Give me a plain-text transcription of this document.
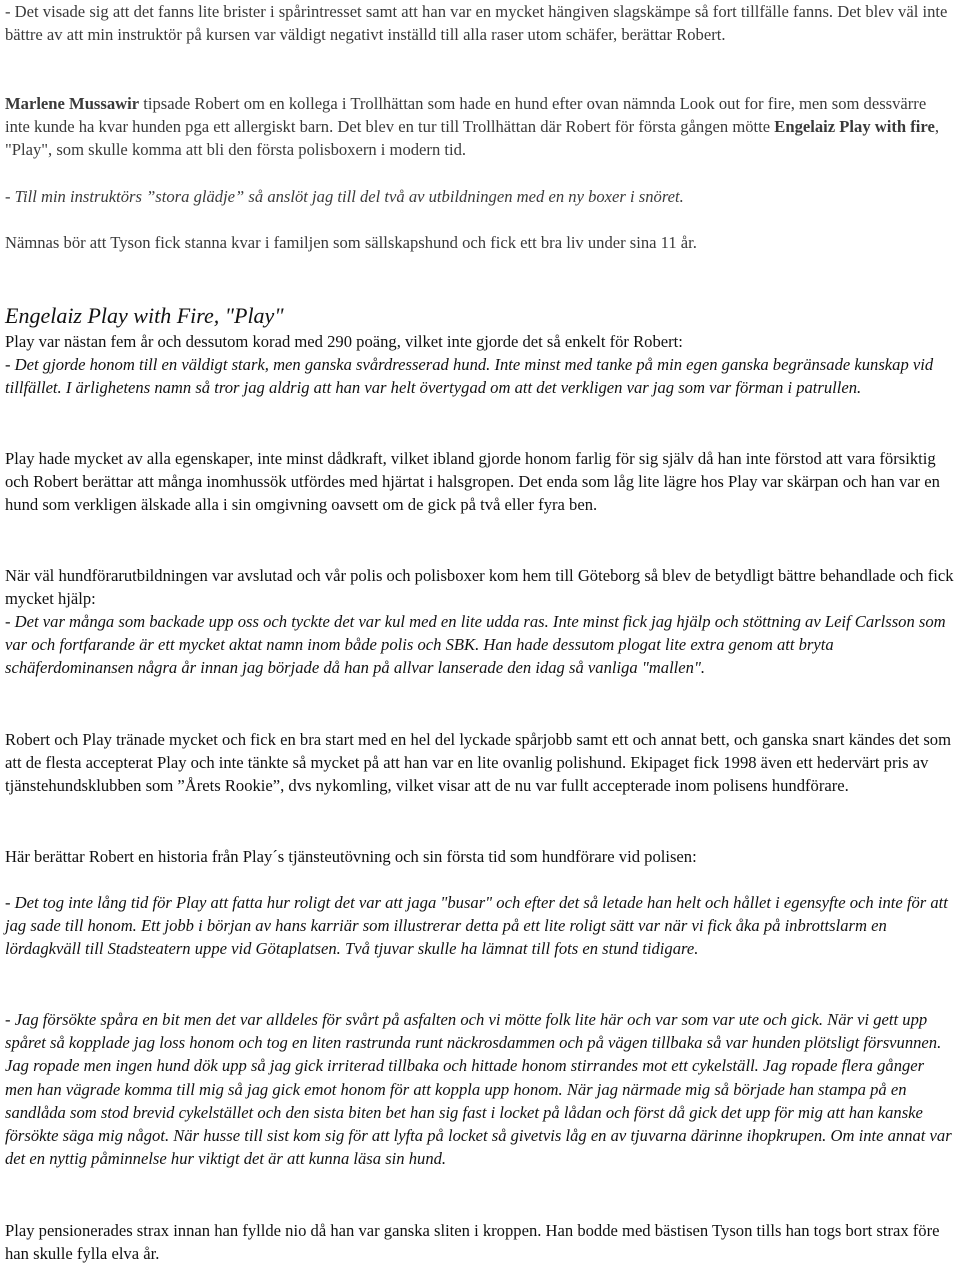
- Det visade sig att det fanns lite brister i spårintresset samt att han var en mycket hängiven slagskämpe så fort tillfälle fanns. Det blev väl inte bättre av att min instruktör på kursen var väldigt negativt inställd till alla raser utom schäfer, berättar Robert.

Marlene Mussawir tipsade Robert om en kollega i Trollhättan som hade en hund efter ovan nämnda Look out for fire, men som dessvärre inte kunde ha kvar hunden pga ett allergiskt barn. Det blev en tur till Trollhättan där Robert för första gången mötte Engelaiz Play with fire, "Play", som skulle komma att bli den första polisboxern i modern tid.

- Till min instruktörs ”stora glädje” så anslöt jag till del två av utbildningen med en ny boxer i snöret.

Nämnas bör att Tyson fick stanna kvar i familjen som sällskapshund och fick ett bra liv under sina 11 år.

Engelaiz Play with Fire, "Play"

Play var nästan fem år och dessutom korad med 290 poäng, vilket inte gjorde det så enkelt för Robert:

- Det gjorde honom till en väldigt stark, men ganska svårdresserad hund. Inte minst med tanke på min egen ganska begränsade kunskap vid tillfället. I ärlighetens namn så tror jag aldrig att han var helt övertygad om att det verkligen var jag som var förman i patrullen.

Play hade mycket av alla egenskaper, inte minst dådkraft, vilket ibland gjorde honom farlig för sig själv då han inte förstod att vara försiktig och Robert berättar att många inomhussök utfördes med hjärtat i halsgropen. Det enda som låg lite lägre hos Play var skärpan och han var en hund som verkligen älskade alla i sin omgivning oavsett om de gick på två eller fyra ben.

När väl hundförarutbildningen var avslutad och vår polis och polisboxer kom hem till Göteborg så blev de betydligt bättre behandlade och fick mycket hjälp:

- Det var många som backade upp oss och tyckte det var kul med en lite udda ras. Inte minst fick jag hjälp och stöttning av Leif Carlsson som var och fortfarande är ett mycket aktat namn inom både polis och SBK. Han hade dessutom plogat lite extra genom att bryta schäferdominansen några år innan jag började då han på allvar lanserade den idag så vanliga "mallen".

Robert och Play tränade mycket och fick en bra start med en hel del lyckade spårjobb samt ett och annat bett, och ganska snart kändes det som att de flesta accepterat Play och inte tänkte så mycket på att han var en lite ovanlig polishund. Ekipaget fick 1998 även ett hedervärt pris av tjänstehundsklubben som ”Årets Rookie”, dvs nykomling, vilket visar att de nu var fullt accepterade inom polisens hundförare.

Här berättar Robert en historia från Play´s tjänsteutövning och sin första tid som hundförare vid polisen:

- Det tog inte lång tid för Play att fatta hur roligt det var att jaga "busar" och efter det så letade han helt och hållet i egensyfte och inte för att jag sade till honom. Ett jobb i början av hans karriär som illustrerar detta på ett lite roligt sätt var när vi fick åka på inbrottslarm en lördagkväll till Stadsteatern uppe vid Götaplatsen. Två tjuvar skulle ha lämnat till fots en stund tidigare.

- Jag försökte spåra en bit men det var alldeles för svårt på asfalten och vi mötte folk lite här och var som var ute och gick. När vi gett upp spåret så kopplade jag loss honom och tog en liten rastrunda runt näckrosdammen och på vägen tillbaka så var hunden plötsligt försvunnen. Jag ropade men ingen hund dök upp så jag gick irriterad tillbaka och hittade honom stirrandes mot ett cykelställ. Jag ropade flera gånger men han vägrade komma till mig så jag gick emot honom för att koppla upp honom. När jag närmade mig så började han stampa på en sandlåda som stod brevid cykelstället och den sista biten bet han sig fast i locket på lådan och först då gick det upp för mig att han kanske försökte säga mig något. När husse till sist kom sig för att lyfta på locket så givetvis låg en av tjuvarna därinne ihopkrupen. Om inte annat var det en nyttig påminnelse hur viktigt det är att kunna läsa sin hund.

Play pensionerades strax innan han fyllde nio då han var ganska sliten i kroppen. Han bodde med bästisen Tyson tills han togs bort strax före han skulle fylla elva år.
